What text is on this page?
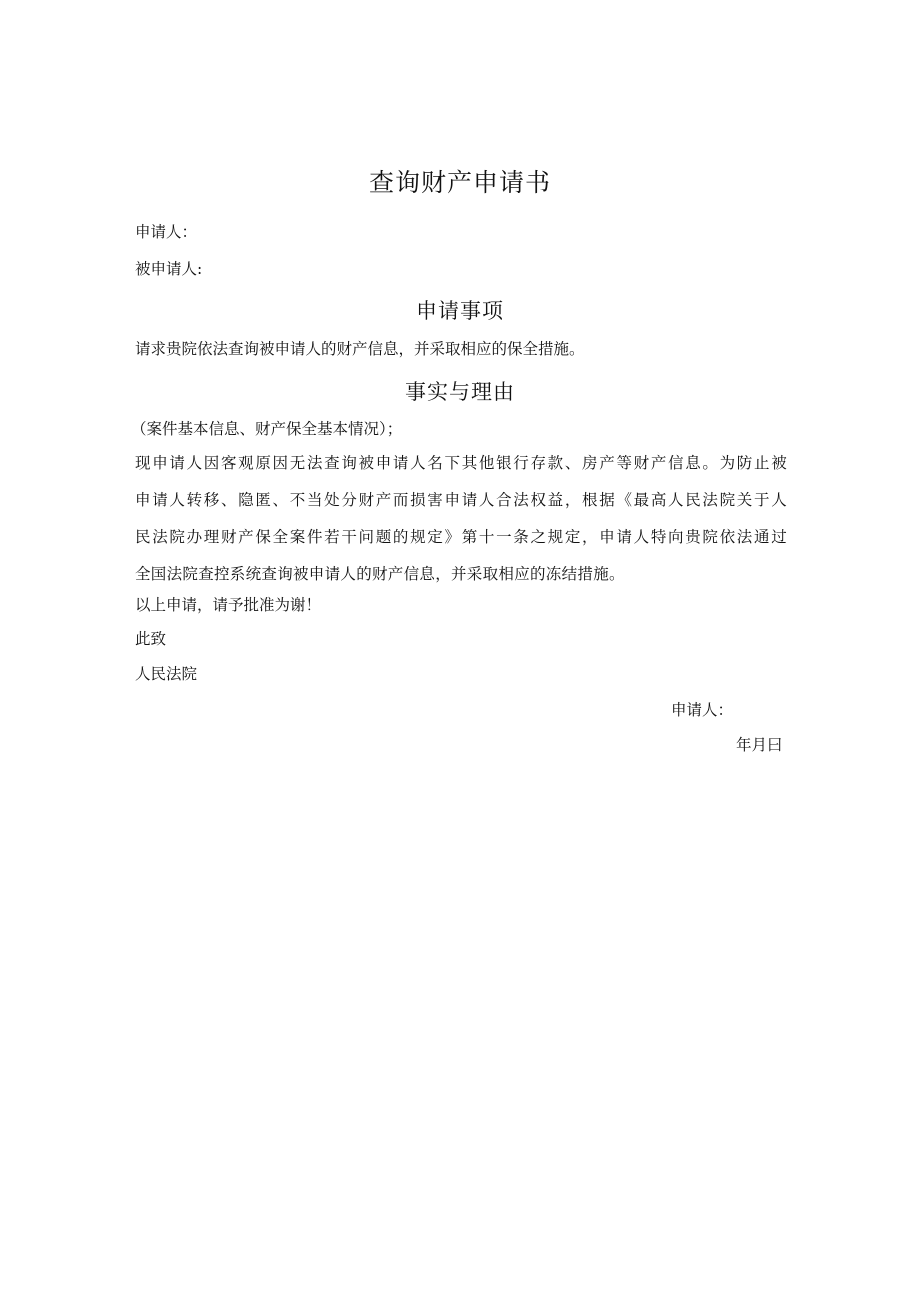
查询财产申请书
申请人：
被申请人:
申请事项
请求贵院依法查询被申请人的财产信息，并采取相应的保全措施。
事实与理由
（案件基本信息、财产保全基本情况）；
现申请人因客观原因无法查询被申请人名下其他银行存款、房产等财产信息。为防止被
申请人转移、隐匿、不当处分财产而损害申请人合法权益，根据《最高人民法院关于人
民法院办理财产保全案件若干问题的规定》第十一条之规定，申请人特向贵院依法通过
全国法院查控系统查询被申请人的财产信息，并采取相应的冻结措施。
以上申请，请予批准为谢！
此致
人民法院
申请人：
年月曰
